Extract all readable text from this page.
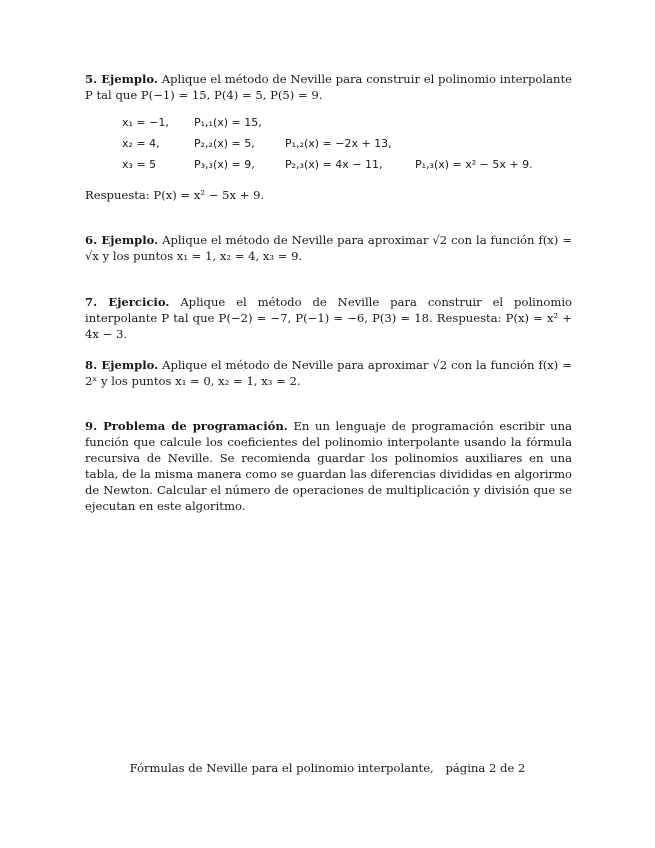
5. Ejemplo. Aplique el método de Neville para construir el polinomio interpolante P tal que P(−1) = 15, P(4) = 5, P(5) = 9.

x₁ = −1, P₁,₁(x) = 15,
x₂ = 4,	P₂,₂(x) = 5,	P₁,₂(x) = −2x + 13,
x₃ = 5	P₃,₃(x) = 9,	P₂,₃(x) = 4x − 11,	P₁,₃(x) = x² − 5x + 9.

Respuesta: P(x) = x² − 5x + 9.

6. Ejemplo. Aplique el método de Neville para aproximar √2 con la función f(x) = √x y los puntos x₁ = 1, x₂ = 4, x₃ = 9.

7. Ejercicio. Aplique el método de Neville para construir el polinomio interpolante P tal que P(−2) = −7, P(−1) = −6, P(3) = 18. Respuesta: P(x) = x² + 4x − 3.

8. Ejemplo. Aplique el método de Neville para aproximar √2 con la función f(x) = 2ˣ y los puntos x₁ = 0, x₂ = 1, x₃ = 2.

9. Problema de programación. En un lenguaje de programación escribir una función que calcule los coeficientes del polinomio interpolante usando la fórmula recursiva de Neville. Se recomienda guardar los polinomios auxiliares en una tabla, de la misma manera como se guardan las diferencias divididas en algorirmo de Newton. Calcular el número de operaciones de multiplicación y división que se ejecutan en este algoritmo.

Fórmulas de Neville para el polinomio interpolante, página 2 de 2
